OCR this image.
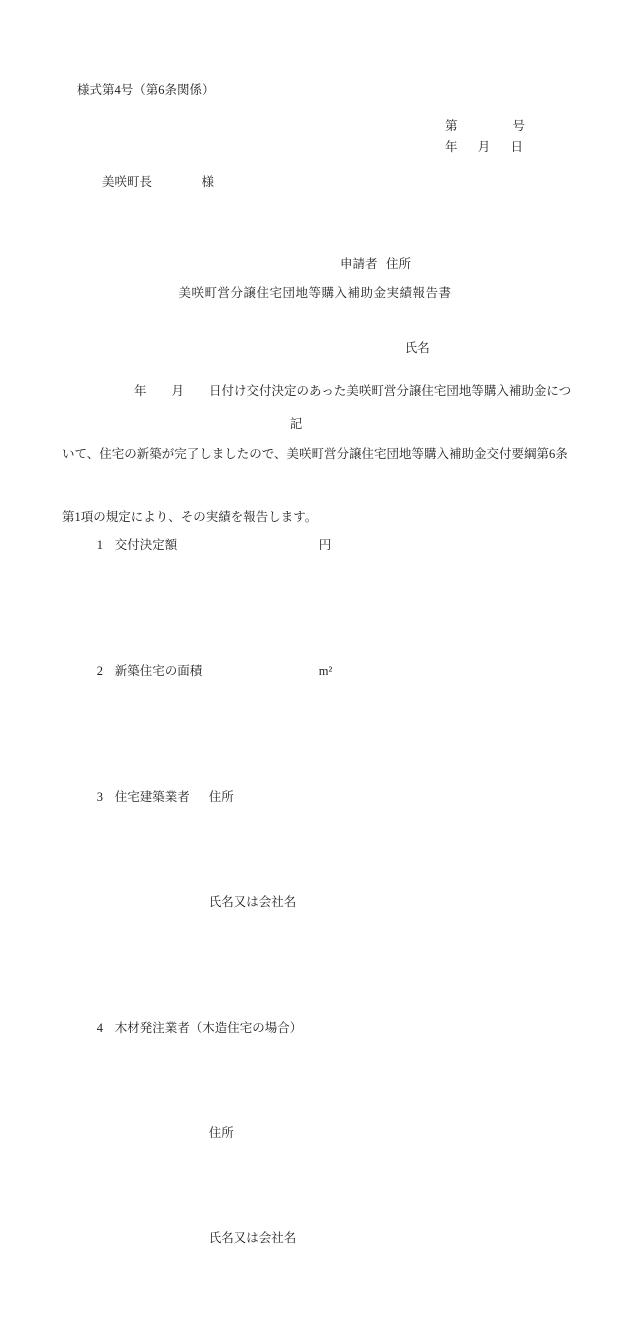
様式第4号（第6条関係）
第	号
年 月 日
美咲町長	様

申請者 住所

氏名

美咲町営分譲住宅団地等購入補助金実績報告書

年　　月　　日付け交付決定のあった美咲町営分譲住宅団地等購入補助金につ

いて、住宅の新築が完了しましたので、美咲町営分譲住宅団地等購入補助金交付要綱第6条

第1項の規定により、その実績を報告します。

記

1 交付決定額	円

2 新築住宅の面積	m²

3 住宅建築業者 住所

氏名又は会社名

4 木材発注業者（木造住宅の場合）

住所

氏名又は会社名
